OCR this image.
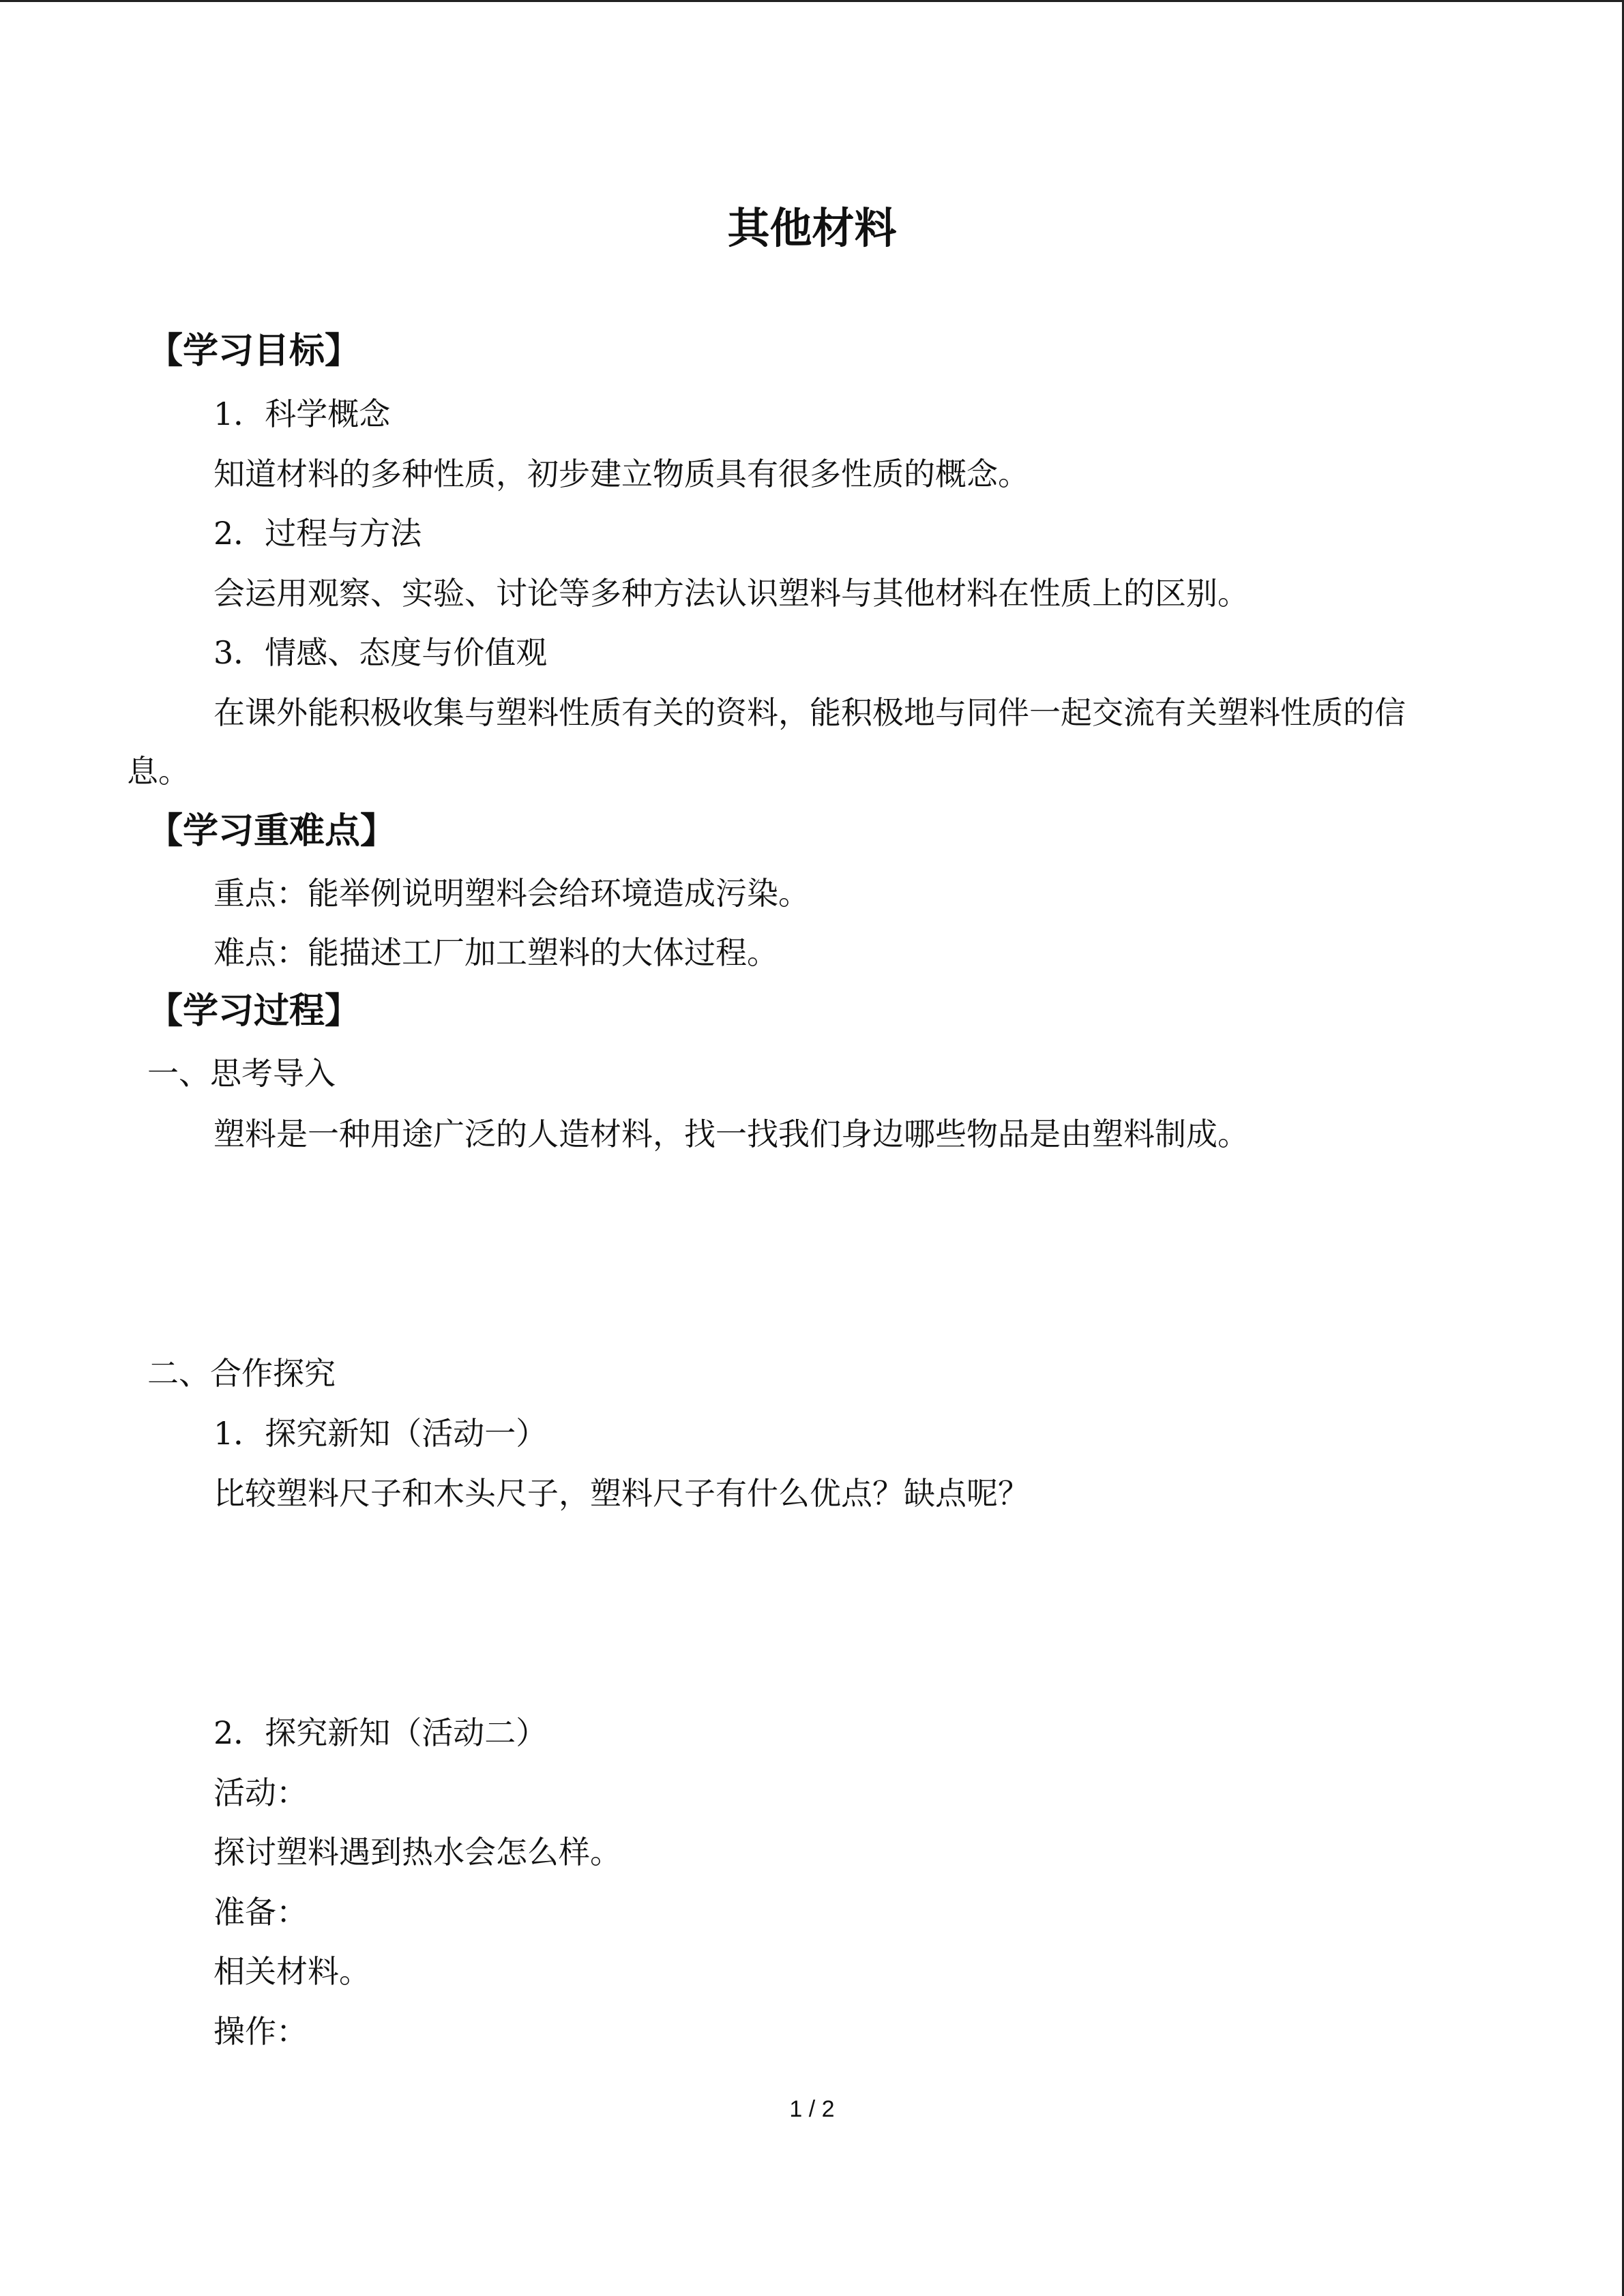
其他材料
【学习目标】
1．科学概念
知道材料的多种性质，初步建立物质具有很多性质的概念。
2．过程与方法
会运用观察、实验、讨论等多种方法认识塑料与其他材料在性质上的区别。
3．情感、态度与价值观
在课外能积极收集与塑料性质有关的资料，能积极地与同伴一起交流有关塑料性质的信
息。
【学习重难点】
重点：能举例说明塑料会给环境造成污染。
难点：能描述工厂加工塑料的大体过程。
【学习过程】
一、思考导入
塑料是一种用途广泛的人造材料，找一找我们身边哪些物品是由塑料制成。
二、合作探究
1．探究新知（活动一）
比较塑料尺子和木头尺子，塑料尺子有什么优点？缺点呢？
2．探究新知（活动二）
活动：
探讨塑料遇到热水会怎么样。
准备：
相关材料。
操作：
1 / 2
